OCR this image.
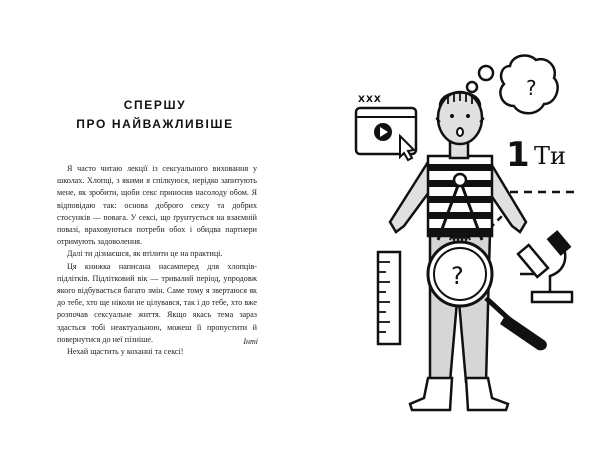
СПЕРШУ
ПРО НАЙВАЖЛИВІШЕ

Я часто читаю лекції із сексуального виховання у школах. Хлопці, з якими я спілкуюся, нерідко запитують мене, як зробити, щоби секс приносив насолоду обом. Я відповідаю так: основа доброго сексу та добрих стосунків — повага. У сексі, що ґрунтується на взаємній повазі, враховуються потреби обох і обидва партнери отримують задоволення.

Далі ти дізнаєшся, як втілити це на практиці.

Ця книжка написана насамперед для хлопців-підлітків. Підлітковий вік — тривалий період, упродовж якого відбувається багато змін. Саме тому я звертаюся як до тебе, хто ще ніколи не цілувався, так і до тебе, хто вже розпочав сексуальне життя. Якщо якась тема зараз здасться тобі неактуальною, можеш її пропустити й повернутися до неї пізніше.

Нехай щастить у коханні та сексі!

Інті
?
XXX
1 Ти
?
